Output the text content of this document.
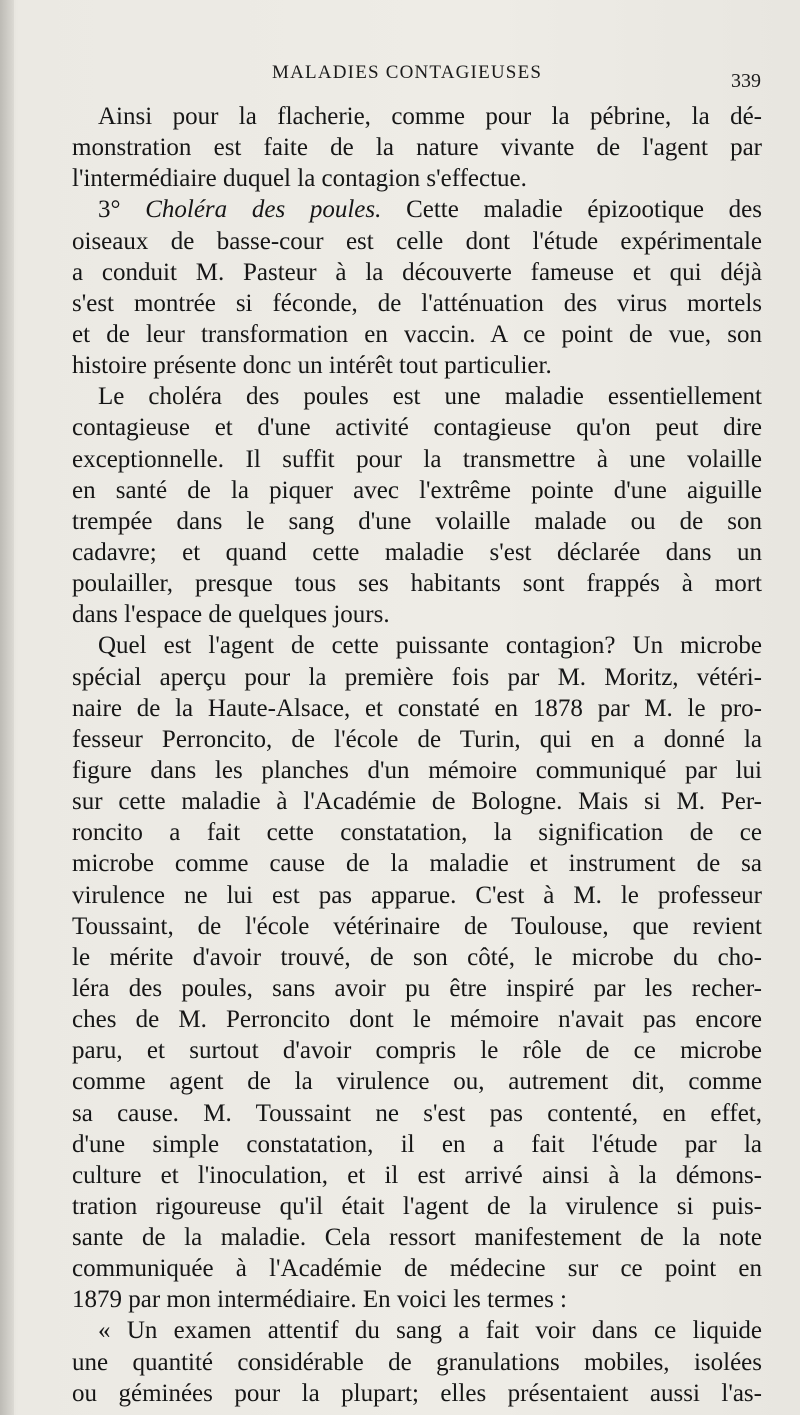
MALADIES CONTAGIEUSES	339
Ainsi pour la flacherie, comme pour la pébrine, la dé-
monstration est faite de la nature vivante de l'agent par
l'intermédiaire duquel la contagion s'effectue.
3° Choléra des poules. Cette maladie épizootique des
oiseaux de basse-cour est celle dont l'étude expérimentale
a conduit M. Pasteur à la découverte fameuse et qui déjà
s'est montrée si féconde, de l'atténuation des virus mortels
et de leur transformation en vaccin. A ce point de vue, son
histoire présente donc un intérêt tout particulier.
Le choléra des poules est une maladie essentiellement
contagieuse et d'une activité contagieuse qu'on peut dire
exceptionnelle. Il suffit pour la transmettre à une volaille
en santé de la piquer avec l'extrême pointe d'une aiguille
trempée dans le sang d'une volaille malade ou de son
cadavre; et quand cette maladie s'est déclarée dans un
poulailler, presque tous ses habitants sont frappés à mort
dans l'espace de quelques jours.
Quel est l'agent de cette puissante contagion? Un microbe
spécial aperçu pour la première fois par M. Moritz, vétéri-
naire de la Haute-Alsace, et constaté en 1878 par M. le pro-
fesseur Perroncito, de l'école de Turin, qui en a donné la
figure dans les planches d'un mémoire communiqué par lui
sur cette maladie à l'Académie de Bologne. Mais si M. Per-
roncito a fait cette constatation, la signification de ce
microbe comme cause de la maladie et instrument de sa
virulence ne lui est pas apparue. C'est à M. le professeur
Toussaint, de l'école vétérinaire de Toulouse, que revient
le mérite d'avoir trouvé, de son côté, le microbe du cho-
léra des poules, sans avoir pu être inspiré par les recher-
ches de M. Perroncito dont le mémoire n'avait pas encore
paru, et surtout d'avoir compris le rôle de ce microbe
comme agent de la virulence ou, autrement dit, comme
sa cause. M. Toussaint ne s'est pas contenté, en effet,
d'une simple constatation, il en a fait l'étude par la
culture et l'inoculation, et il est arrivé ainsi à la démons-
tration rigoureuse qu'il était l'agent de la virulence si puis-
sante de la maladie. Cela ressort manifestement de la note
communiquée à l'Académie de médecine sur ce point en
1879 par mon intermédiaire. En voici les termes :
« Un examen attentif du sang a fait voir dans ce liquide
une quantité considérable de granulations mobiles, isolées
ou géminées pour la plupart; elles présentaient aussi l'as-
